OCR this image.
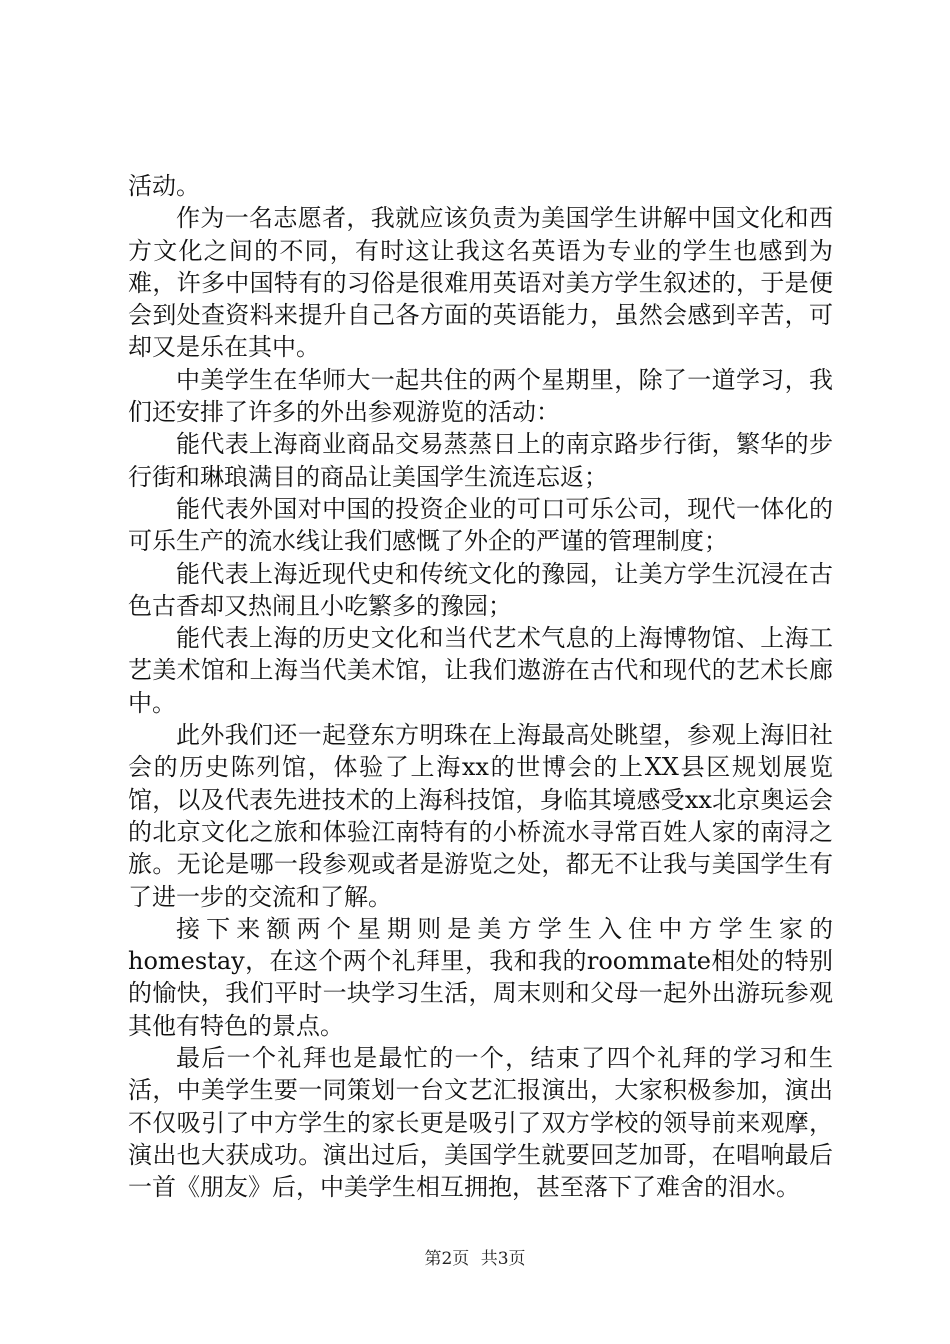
活动。

作为一名志愿者，我就应该负责为美国学生讲解中国文化和西方文化之间的不同，有时这让我这名英语为专业的学生也感到为难，许多中国特有的习俗是很难用英语对美方学生叙述的，于是便会到处查资料来提升自己各方面的英语能力，虽然会感到辛苦，可却又是乐在其中。

中美学生在华师大一起共住的两个星期里，除了一道学习，我们还安排了许多的外出参观游览的活动：

能代表上海商业商品交易蒸蒸日上的南京路步行街，繁华的步行街和琳琅满目的商品让美国学生流连忘返；

能代表外国对中国的投资企业的可口可乐公司，现代一体化的可乐生产的流水线让我们感慨了外企的严谨的管理制度；

能代表上海近现代史和传统文化的豫园，让美方学生沉浸在古色古香却又热闹且小吃繁多的豫园；

能代表上海的历史文化和当代艺术气息的上海博物馆、上海工艺美术馆和上海当代美术馆，让我们遨游在古代和现代的艺术长廊中。

此外我们还一起登东方明珠在上海最高处眺望，参观上海旧社会的历史陈列馆，体验了上海xx的世博会的上XX县区规划展览馆，以及代表先进技术的上海科技馆，身临其境感受xx北京奥运会的北京文化之旅和体验江南特有的小桥流水寻常百姓人家的南浔之旅。无论是哪一段参观或者是游览之处，都无不让我与美国学生有了进一步的交流和了解。

接下来额两个星期则是美方学生入住中方学生家的homestay，在这个两个礼拜里，我和我的roommate相处的特别的愉快，我们平时一块学习生活，周末则和父母一起外出游玩参观其他有特色的景点。

最后一个礼拜也是最忙的一个，结束了四个礼拜的学习和生活，中美学生要一同策划一台文艺汇报演出，大家积极参加，演出不仅吸引了中方学生的家长更是吸引了双方学校的领导前来观摩，演出也大获成功。演出过后，美国学生就要回芝加哥，在唱响最后一首《朋友》后，中美学生相互拥抱，甚至落下了难舍的泪水。

第2页 共3页
